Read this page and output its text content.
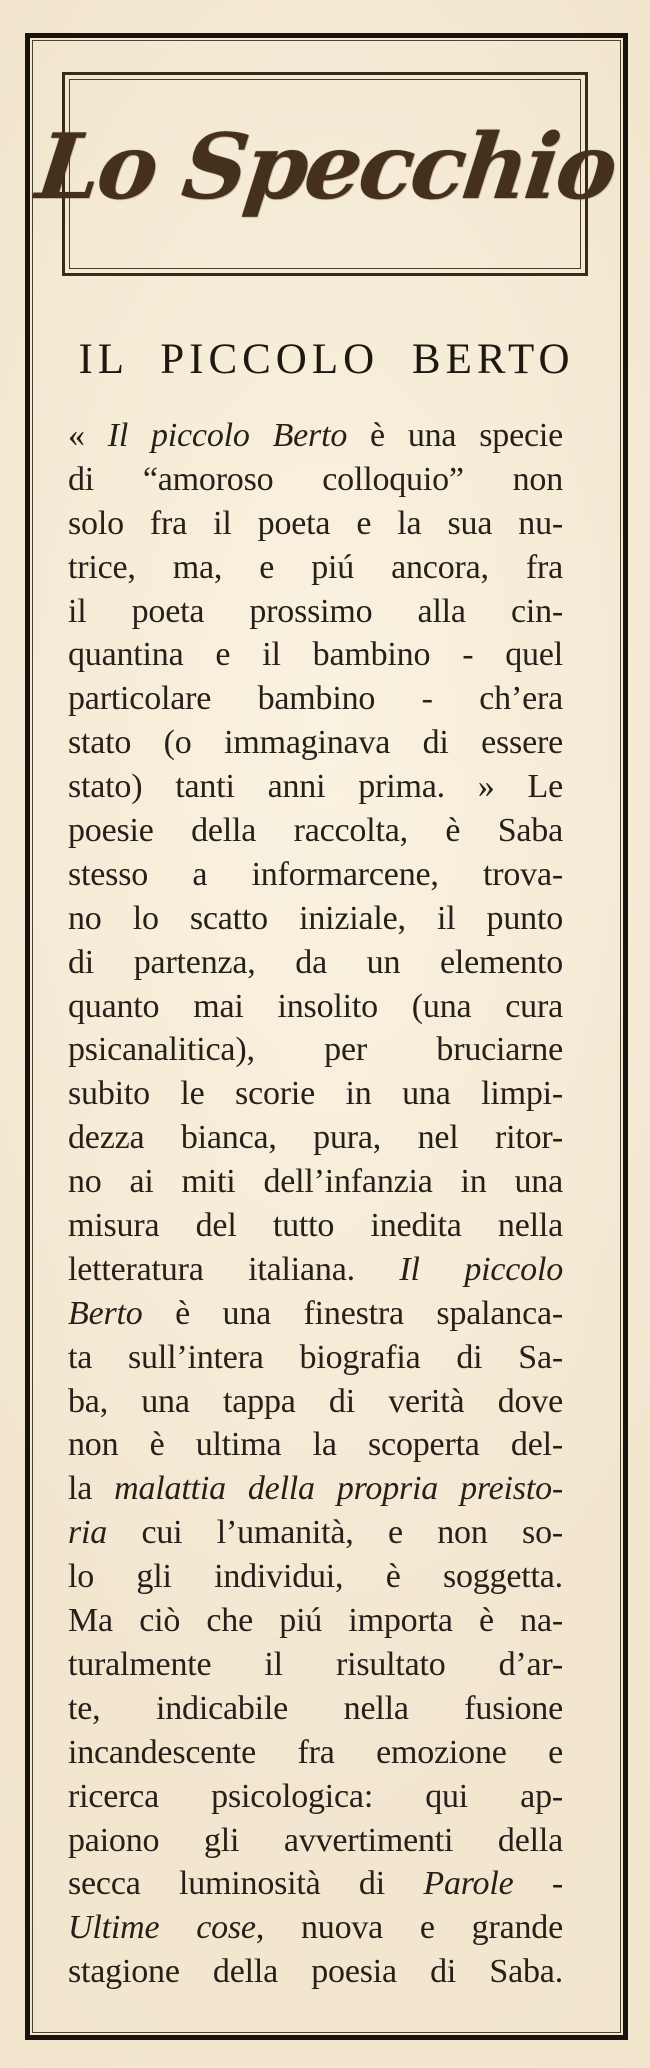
Lo Specchio
IL PICCOLO BERTO
« Il piccolo Berto è una specie
di “amoroso colloquio” non
solo fra il poeta e la sua nu-
trice, ma, e piú ancora, fra
il poeta prossimo alla cin-
quantina e il bambino - quel
particolare bambino - ch’era
stato (o immaginava di essere
stato) tanti anni prima. » Le
poesie della raccolta, è Saba
stesso a informarcene, trova-
no lo scatto iniziale, il punto
di partenza, da un elemento
quanto mai insolito (una cura
psicanalitica), per bruciarne
subito le scorie in una limpi-
dezza bianca, pura, nel ritor-
no ai miti dell’infanzia in una
misura del tutto inedita nella
letteratura italiana. Il piccolo
Berto è una finestra spalanca-
ta sull’intera biografia di Sa-
ba, una tappa di verità dove
non è ultima la scoperta del-
la malattia della propria preisto-
ria cui l’umanità, e non so-
lo gli individui, è soggetta.
Ma ciò che piú importa è na-
turalmente il risultato d’ar-
te, indicabile nella fusione
incandescente fra emozione e
ricerca psicologica: qui ap-
paiono gli avvertimenti della
secca luminosità di Parole -
Ultime cose, nuova e grande
stagione della poesia di Saba.
